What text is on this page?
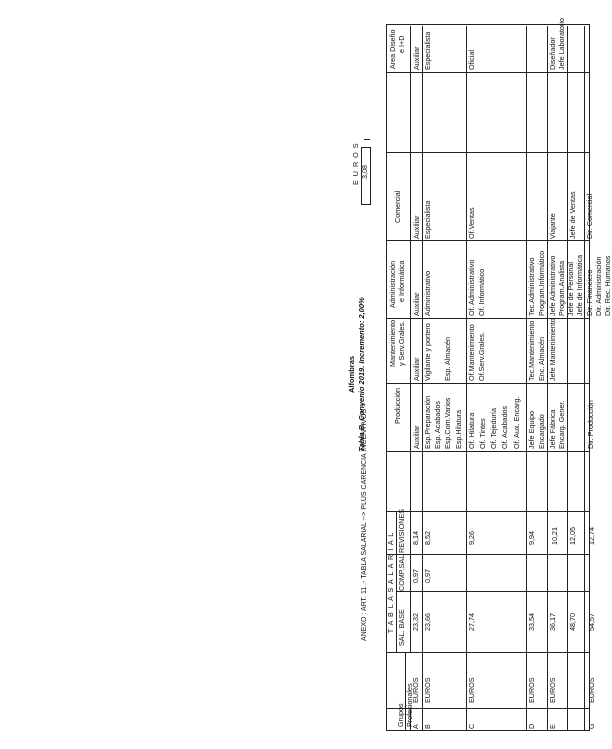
Alfombras Tabla B. Convenio 2019. Incremento: 2,00%
Grupos Profesionales
T A B L A S A L A R I A L SAL. BASE
COMP.SAL
REVISIONES
Producción
Mantenimiento y Serv.Grales.
Administración e Informática
Comercial
Area Diseño e I+D
A
EUROS
23,32
0,97
8,14
Auxiliar
Auxiliar
Auxiliar
Auxiliar
Auxiliar
B
EUROS
23,66
0,97
8,52
Esp.Preparación Esp. Acabados Esp.Com.Varios Esp.Hilatura
Vigilante y portero Esp. Almacén
Administrativo
Especialista
Especialista
C
EUROS
27,74
9,26
Of. Hilatura Of. Tintes Of. Tejeduría Of. Acabados Of. Aux. Encarg.
Of.Mantenimiento Of.Serv.Grales.
Of. Administrativo Of. Informático
Of.Ventas
Oficial
D
EUROS
33,54
9,94
Jefe Equipo Encargado
Tec.Mantenimiento Enc. Almacén
Tec.Administrativo Program.Informático
E
EUROS
36,17
10,21
Jefe Fábrica Encarg. Gener.
Jefe Mantenimiento
Jefe Administrativo Program.Analista
Viajante
Diseñador Jefe Laboratorio
48,70
12,05
Jefe de Personal Jefe de Informática
Jefe de Ventas
G
EUROS
54,57
12,74
Dir. Producción
Dir. Financiero Dir. Administración Dir. Rec. Humanos
Dir. Comercial
ANEXO : ART. 11 .- TABLA SALARIAL --> PLUS CARENCIA INCENTIVOS =
E U R O S 3,08
